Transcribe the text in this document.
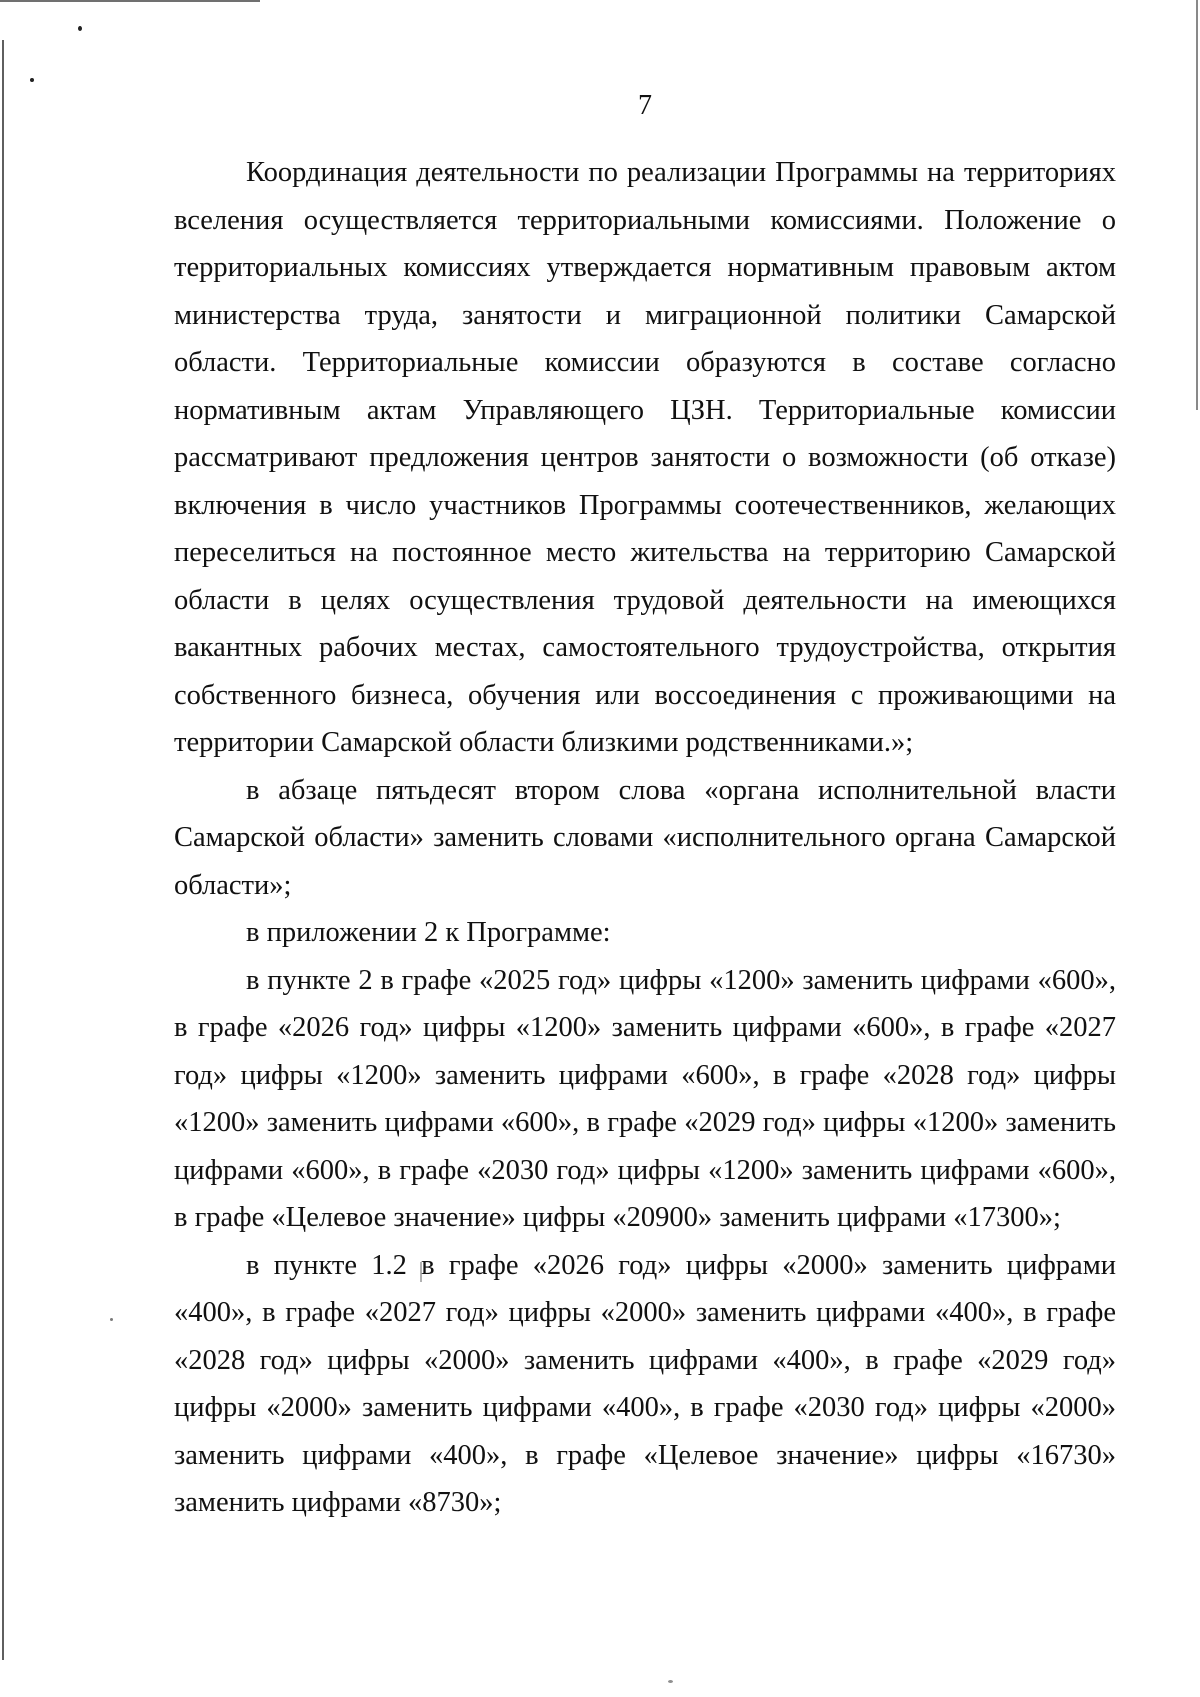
7

Координация деятельности по реализации Программы на территориях вселения осуществляется территориальными комиссиями. Положение о территориальных комиссиях утверждается нормативным правовым актом министерства труда, занятости и миграционной политики Самарской области. Территориальные комиссии образуются в составе согласно нормативным актам Управляющего ЦЗН. Территориальные комиссии рассматривают предложения центров занятости о возможности (об отказе) включения в число участников Программы соотечественников, желающих переселиться на постоянное место жительства на территорию Самарской области в целях осуществления трудовой деятельности на имеющихся вакантных рабочих местах, самостоятельного трудоустройства, открытия собственного бизнеса, обучения или воссоединения с проживающими на территории Самарской области близкими родственниками.»;

в абзаце пятьдесят втором слова «органа исполнительной власти Самарской области» заменить словами «исполнительного органа Самарской области»;

в приложении 2 к Программе:

в пункте 2 в графе «2025 год» цифры «1200» заменить цифрами «600», в графе «2026 год» цифры «1200» заменить цифрами «600», в графе «2027 год» цифры «1200» заменить цифрами «600», в графе «2028 год» цифры «1200» заменить цифрами «600», в графе «2029 год» цифры «1200» заменить цифрами «600», в графе «2030 год» цифры «1200» заменить цифрами «600», в графе «Целевое значение» цифры «20900» заменить цифрами «17300»;

в пункте 1.2 в графе «2026 год» цифры «2000» заменить цифрами «400», в графе «2027 год» цифры «2000» заменить цифрами «400», в графе «2028 год» цифры «2000» заменить цифрами «400», в графе «2029 год» цифры «2000» заменить цифрами «400», в графе «2030 год» цифры «2000» заменить цифрами «400», в графе «Целевое значение» цифры «16730» заменить цифрами «8730»;
